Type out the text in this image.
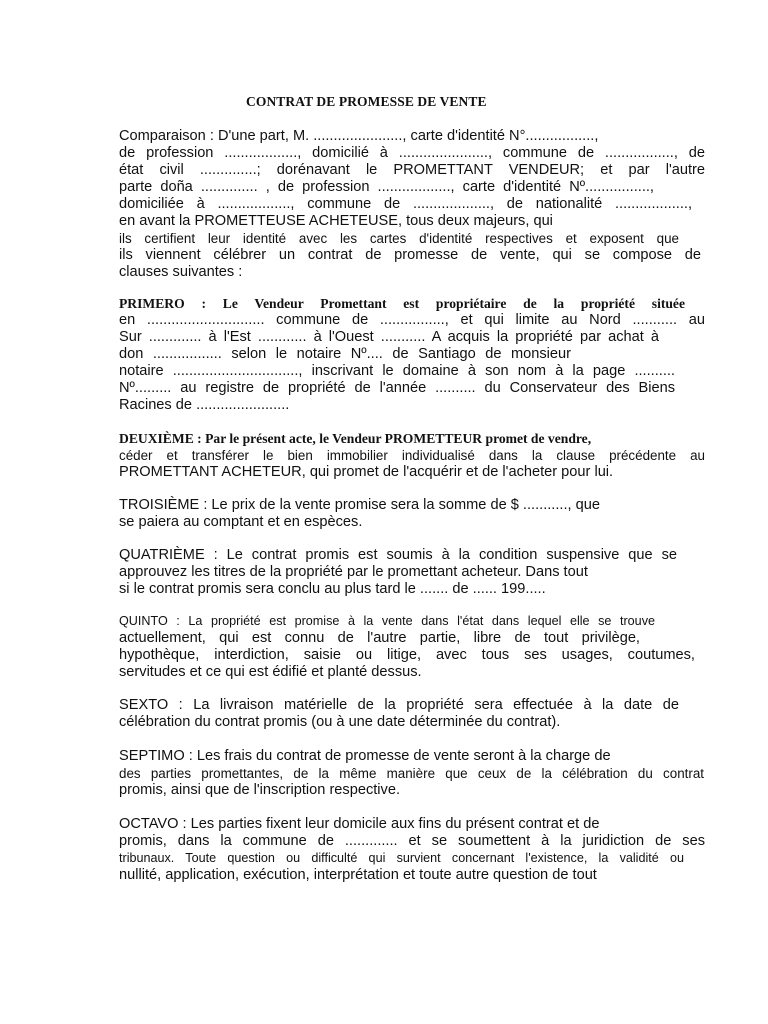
CONTRAT DE PROMESSE DE VENTE
Comparaison : D'une part, M. ......................, carte d'identité N°.................,
de profession .................., domicilié à ......................, commune de ................., de
état civil ..............; dorénavant le PROMETTANT VENDEUR; et par l'autre
parte doña .............. , de profession .................., carte d'identité Nº................,
domiciliée à .................., commune de ..................., de nationalité ..................,
en avant la PROMETTEUSE ACHETEUSE, tous deux majeurs, qui
ils certifient leur identité avec les cartes d'identité respectives et exposent que
ils viennent célébrer un contrat de promesse de vente, qui se compose de
clauses suivantes :
PRIMERO : Le Vendeur Promettant est propriétaire de la propriété située
en ............................. commune de ................, et qui limite au Nord ........... au
Sur ............. à l'Est ............ à l'Ouest ........... A acquis la propriété par achat à
don ................. selon le notaire Nº.... de Santiago de monsieur
notaire ..............................., inscrivant le domaine à son nom à la page ..........
Nº......... au registre de propriété de l'année .......... du Conservateur des Biens
Racines de .......................
DEUXIÈME : Par le présent acte, le Vendeur PROMETTEUR promet de vendre,
céder et transférer le bien immobilier individualisé dans la clause précédente au
PROMETTANT ACHETEUR, qui promet de l'acquérir et de l'acheter pour lui.
TROISIÈME : Le prix de la vente promise sera la somme de $ ..........., que
se paiera au comptant et en espèces.
QUATRIÈME : Le contrat promis est soumis à la condition suspensive que se
approuvez les titres de la propriété par le promettant acheteur. Dans tout
si le contrat promis sera conclu au plus tard le ....... de ...... 199.....
QUINTO : La propriété est promise à la vente dans l'état dans lequel elle se trouve
actuellement, qui est connu de l'autre partie, libre de tout privilège,
hypothèque, interdiction, saisie ou litige, avec tous ses usages, coutumes,
servitudes et ce qui est édifié et planté dessus.
SEXTO : La livraison matérielle de la propriété sera effectuée à la date de
célébration du contrat promis (ou à une date déterminée du contrat).
SEPTIMO : Les frais du contrat de promesse de vente seront à la charge de
des parties promettantes, de la même manière que ceux de la célébration du contrat
promis, ainsi que de l'inscription respective.
OCTAVO : Les parties fixent leur domicile aux fins du présent contrat et de
promis, dans la commune de ............. et se soumettent à la juridiction de ses
tribunaux. Toute question ou difficulté qui survient concernant l'existence, la validité ou
nullité, application, exécution, interprétation et toute autre question de tout
